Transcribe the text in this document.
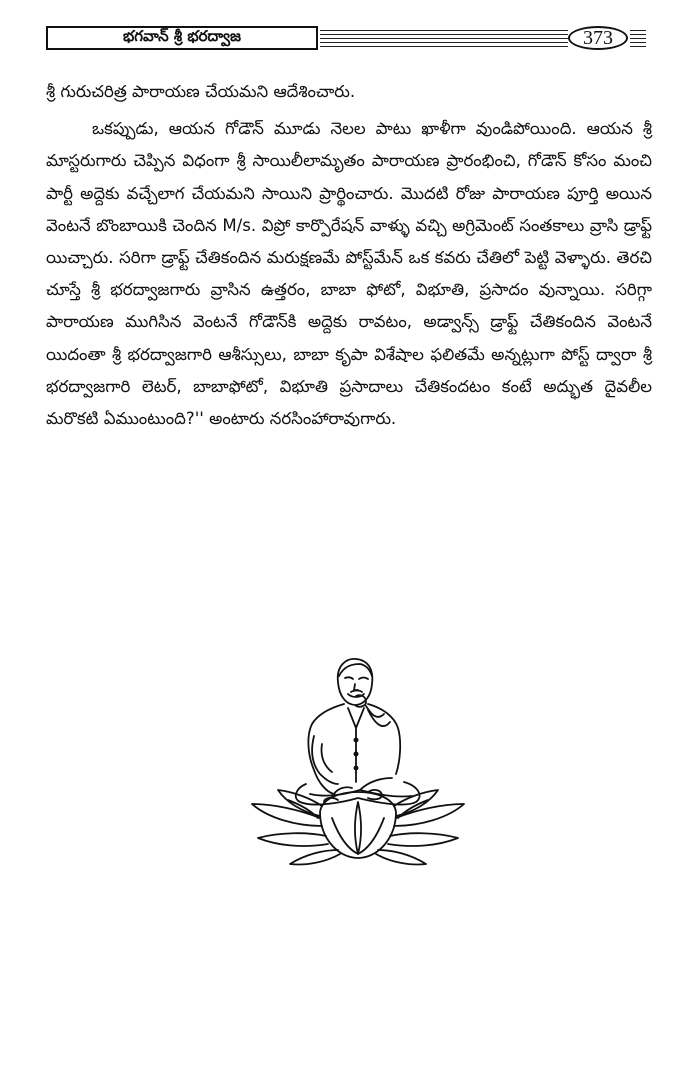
భగవాన్ శ్రీ భరద్వాజ	373

శ్రీ గురుచరిత్ర పారాయణ చేయమని ఆదేశించారు.

ఒకప్పుడు, ఆయన గోడౌన్ మూడు నెలల పాటు ఖాళీగా వుండిపోయింది. ఆయన శ్రీ మాస్టరుగారు చెప్పిన విధంగా శ్రీ సాయిలీలామృతం పారాయణ ప్రారంభించి, గోడౌన్ కోసం మంచి పార్టీ అద్దెకు వచ్చేలాగ చేయమని సాయిని ప్రార్థించారు. మొదటి రోజు పారాయణ పూర్తి అయిన వెంటనే బొంబాయికి చెందిన M/s. విప్రో కార్పొరేషన్ వాళ్ళు వచ్చి అగ్రిమెంట్ సంతకాలు వ్రాసి డ్రాఫ్ట్ యిచ్చారు. సరిగా డ్రాఫ్ట్ చేతికందిన మరుక్షణమే పోస్ట్‌మేన్ ఒక కవరు చేతిలో పెట్టి వెళ్ళారు. తెరచి చూస్తే శ్రీ భరద్వాజగారు వ్రాసిన ఉత్తరం, బాబా ఫోటో, విభూతి, ప్రసాదం వున్నాయి. సరిగ్గా పారాయణ ముగిసిన వెంటనే గోడౌన్‌కి అద్దెకు రావటం, అడ్వాన్స్ డ్రాఫ్ట్ చేతికందిన వెంటనే యిదంతా శ్రీ భరద్వాజగారి ఆశీస్సులు, బాబా కృపా విశేషాల ఫలితమే అన్నట్లుగా పోస్ట్ ద్వారా శ్రీ భరద్వాజగారి లెటర్, బాబాఫోటో, విభూతి ప్రసాదాలు చేతికందటం కంటే అద్భుత దైవలీల మరొకటి ఏముంటుంది?'' అంటారు నరసింహారావుగారు.
